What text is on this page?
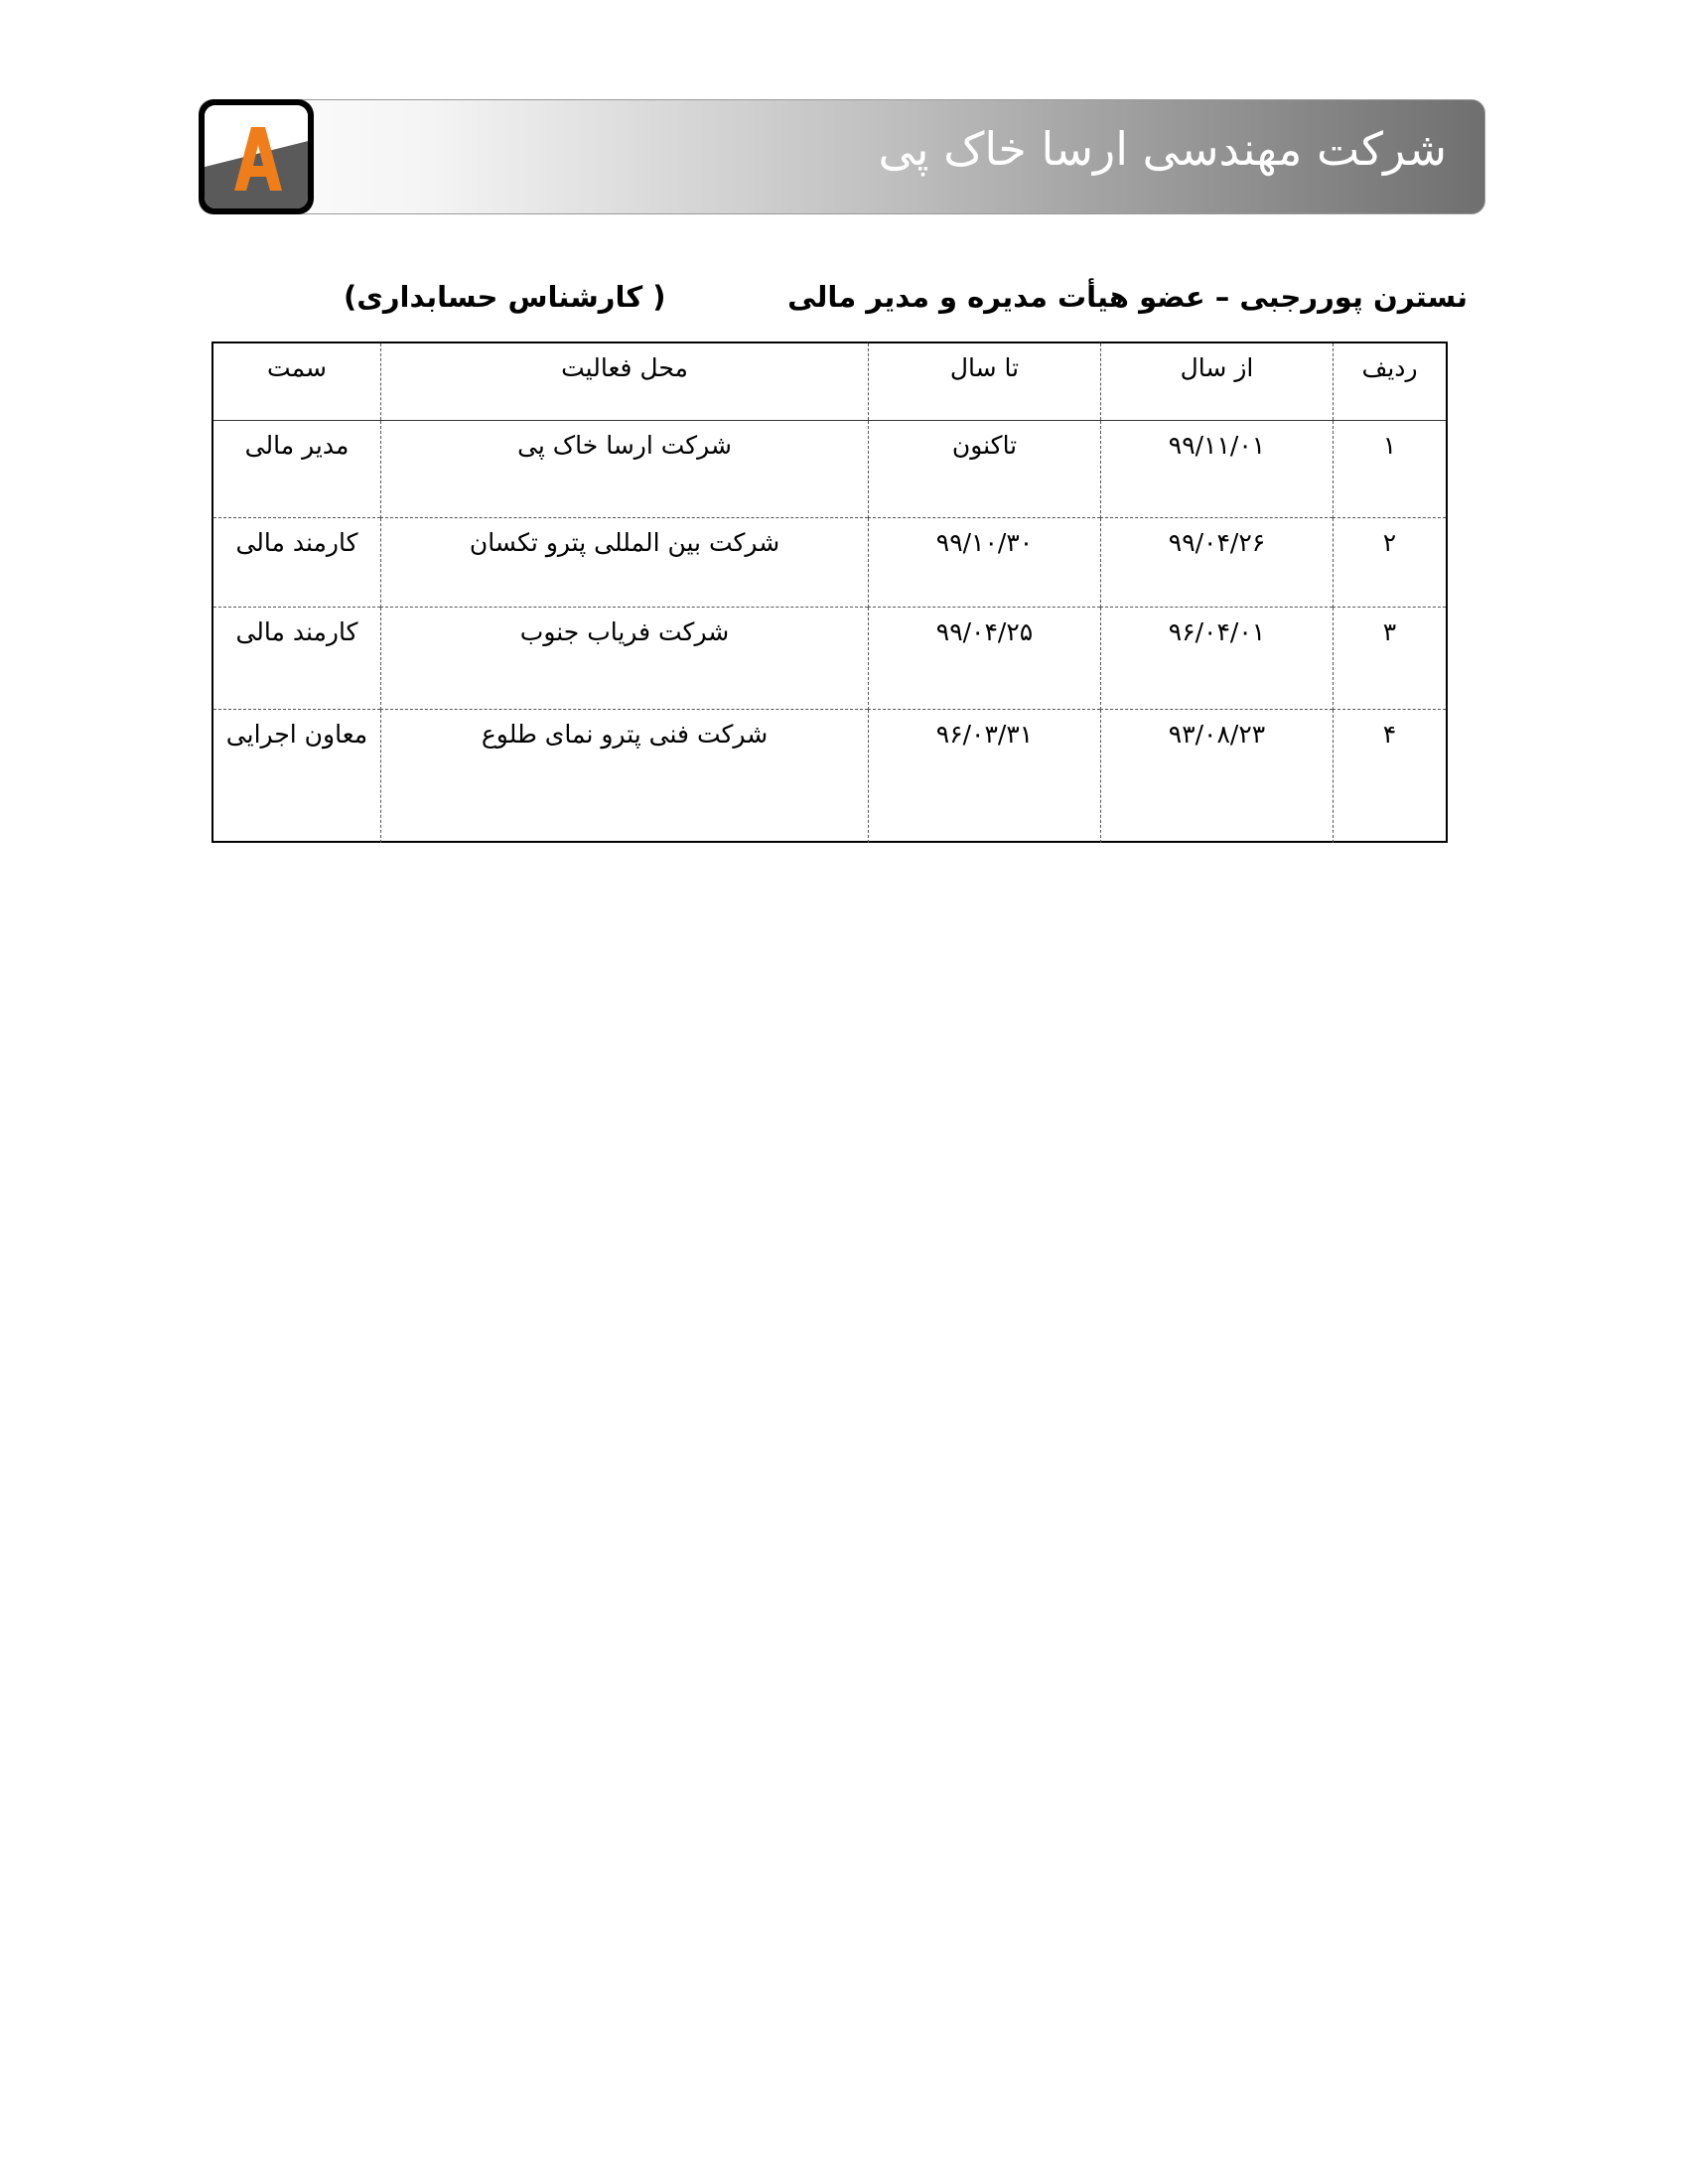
شرکت مهندسی ارسا خاک پی
نسترن پوررجبی – عضو هیأت مدیره و مدیر مالی
( کارشناس حسابداری)
ردیف	از سال	تا سال	محل فعالیت	سمت
۱	۹۹/۱۱/۰۱	تاکنون	شرکت ارسا خاک پی	مدیر مالی
۲	۹۹/۰۴/۲۶	۹۹/۱۰/۳۰	شرکت بین المللی پترو تکسان	کارمند مالی
۳	۹۶/۰۴/۰۱	۹۹/۰۴/۲۵	شرکت فریاب جنوب	کارمند مالی
۴	۹۳/۰۸/۲۳	۹۶/۰۳/۳۱	شرکت فنی پترو نمای طلوع	معاون اجرایی
